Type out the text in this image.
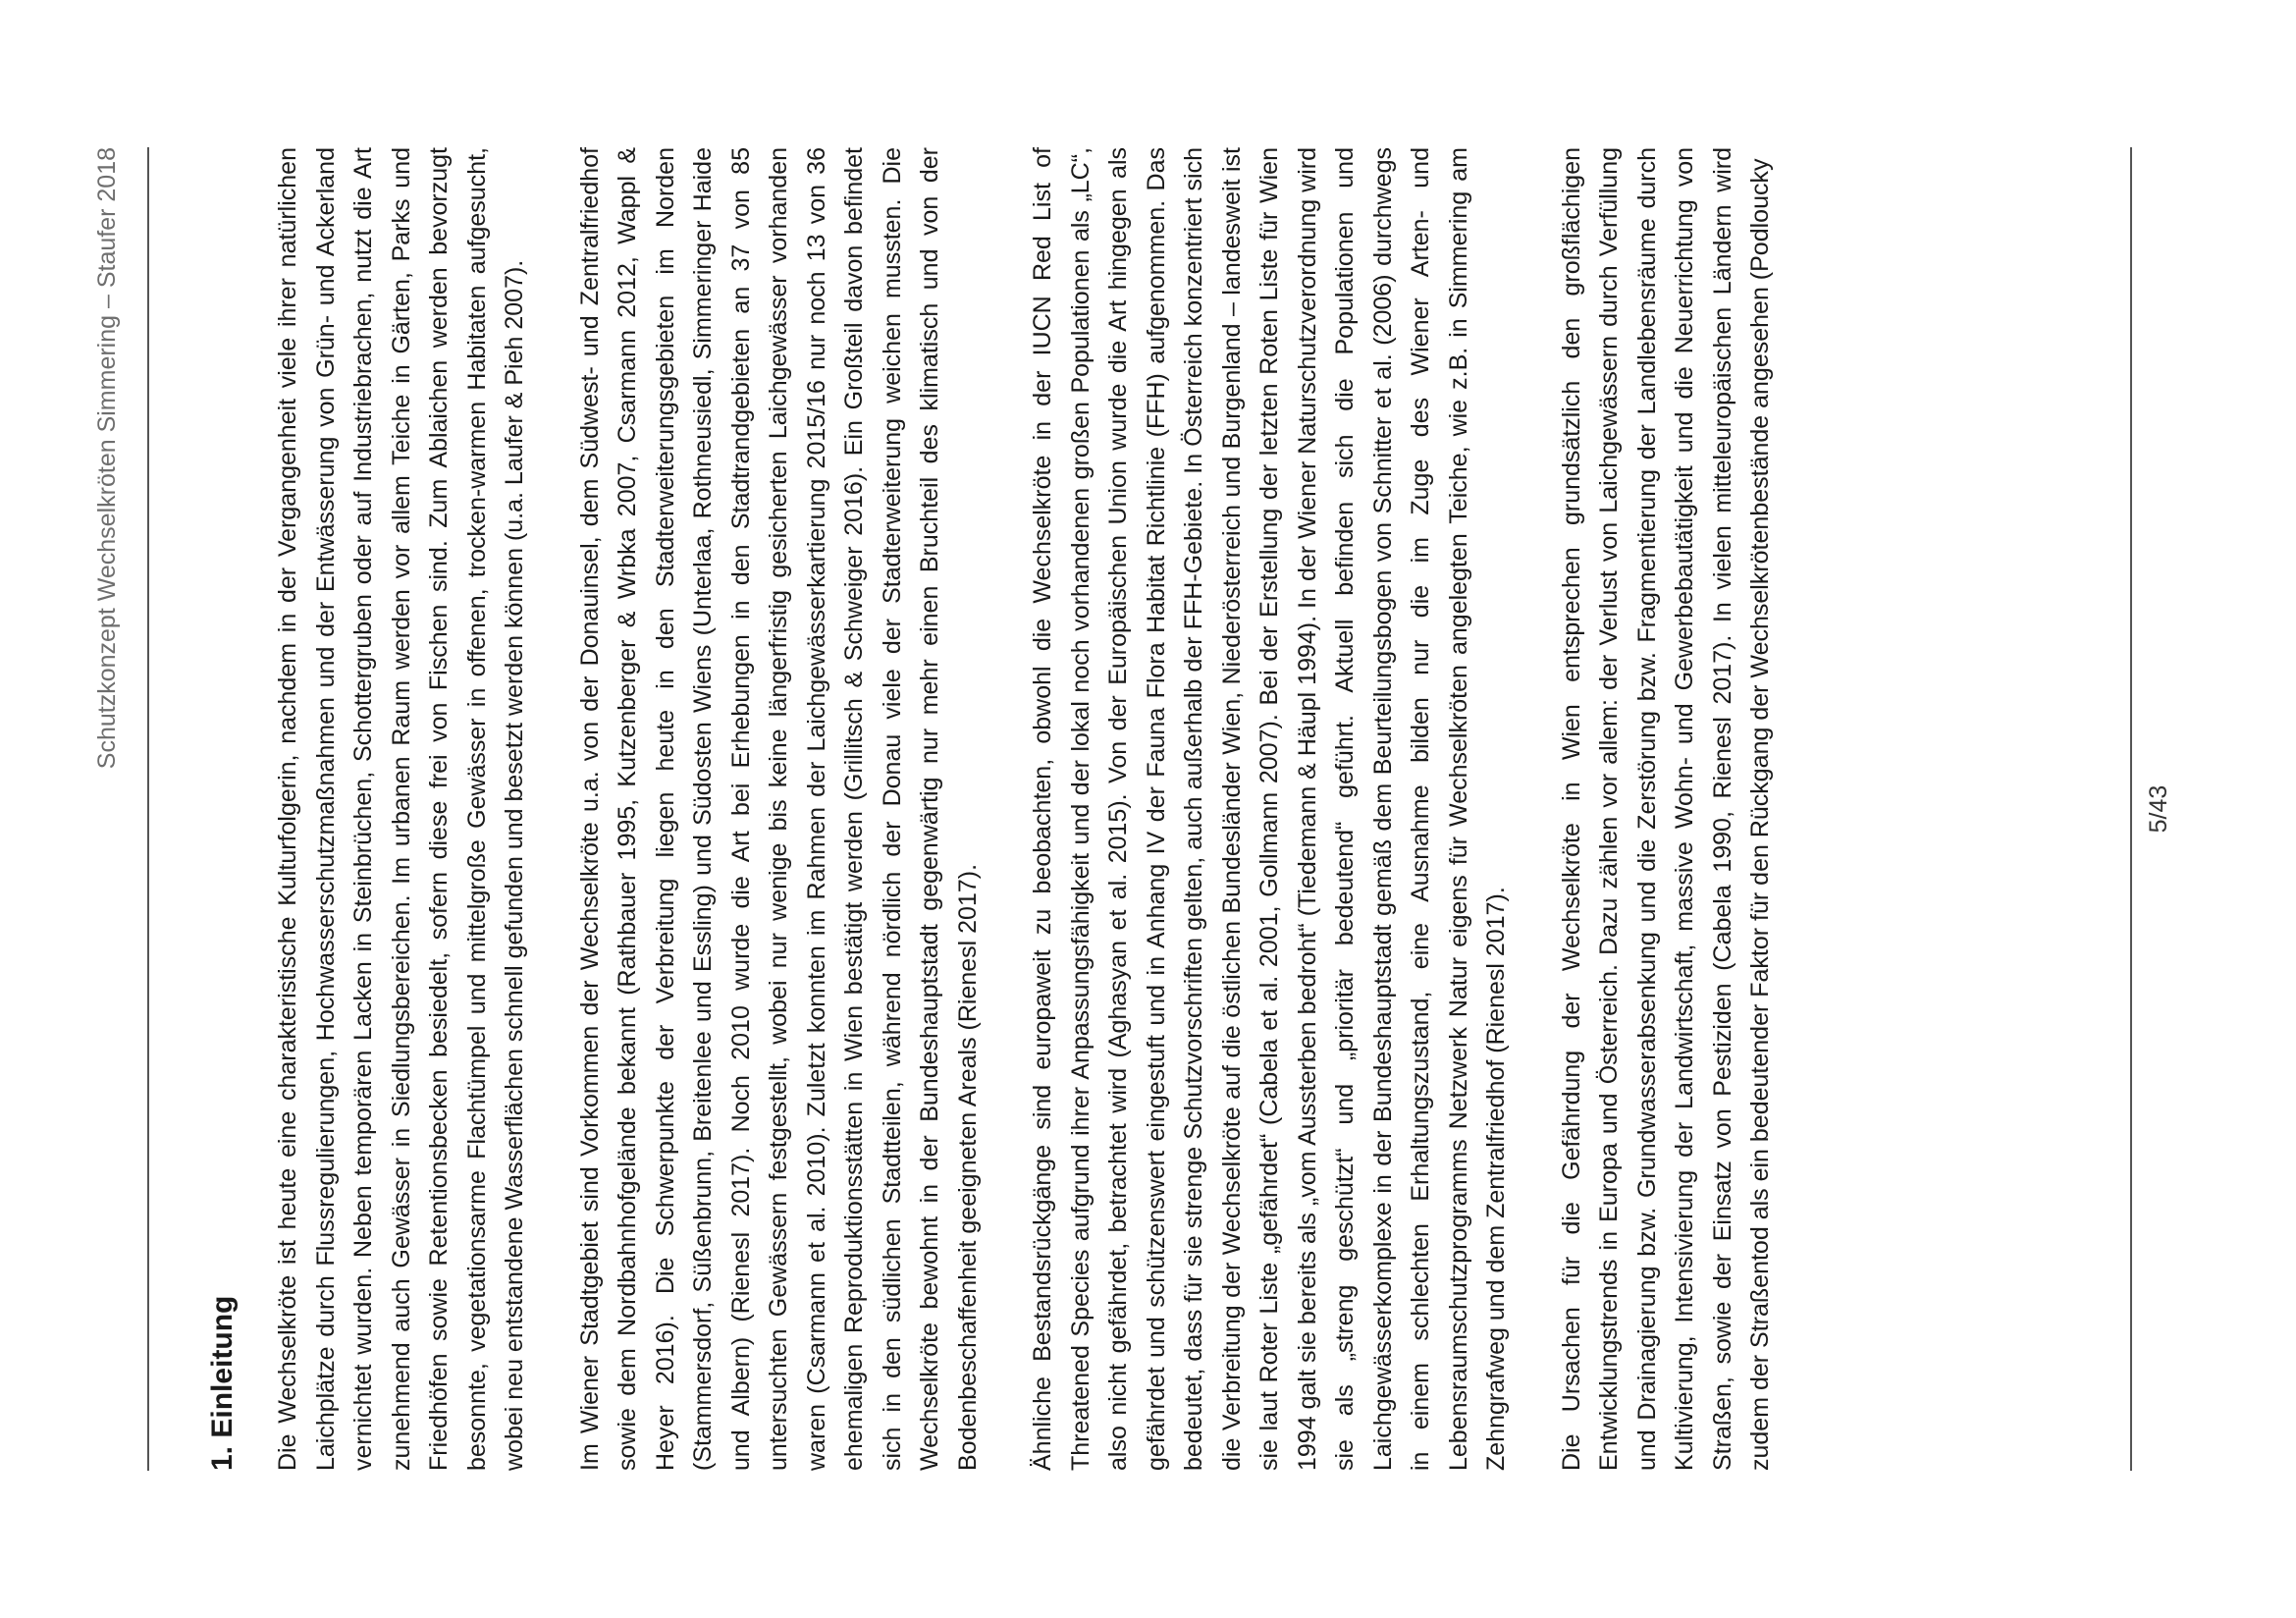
Schutzkonzept Wechselkröten Simmering – Staufer 2018
1. Einleitung Die Wechselkröte ist heute eine charakteristische Kulturfolgerin, nachdem in der Vergangenheit viele ihrer natürlichen Laichplätze durch Flussregulierungen, Hochwasserschutzmaßnahmen und der Entwässerung von Grün- und Ackerland vernichtet wurden. Neben temporären Lacken in Steinbrüchen, Schottergruben oder auf Industriebrachen, nutzt die Art zunehmend auch Gewässer in Siedlungsbereichen. Im urbanen Raum werden vor allem Teiche in Gärten, Parks und Friedhöfen sowie Retentionsbecken besiedelt, sofern diese frei von Fischen sind. Zum Ablaichen werden bevorzugt besonnte, vegetationsarme Flachtümpel und mittelgroße Gewässer in offenen, trocken-warmen Habitaten aufgesucht, wobei neu entstandene Wasserflächen schnell gefunden und besetzt werden können (u.a. Laufer & Pieh 2007). Im Wiener Stadtgebiet sind Vorkommen der Wechselkröte u.a. von der Donauinsel, dem Südwest- und Zentralfriedhof sowie dem Nordbahnhofgelände bekannt (Rathbauer 1995, Kutzenberger & Wrbka 2007, Csarmann 2012, Wappl & Heyer 2016). Die Schwerpunkte der Verbreitung liegen heute in den Stadterweiterungsgebieten im Norden (Stammersdorf, Süßenbrunn, Breitenlee und Essling) und Südosten Wiens (Unterlaa, Rothneusiedl, Simmeringer Haide und Albern) (Rienesl 2017). Noch 2010 wurde die Art bei Erhebungen in den Stadtrandgebieten an 37 von 85 untersuchten Gewässern festgestellt, wobei nur wenige bis keine längerfristig gesicherten Laichgewässer vorhanden waren (Csarmann et al. 2010). Zuletzt konnten im Rahmen der Laichgewässerkartierung 2015/16 nur noch 13 von 36 ehemaligen Reproduktionsstätten in Wien bestätigt werden (Grillitsch & Schweiger 2016). Ein Großteil davon befindet sich in den südlichen Stadtteilen, während nördlich der Donau viele der Stadterweiterung weichen mussten. Die Wechselkröte bewohnt in der Bundeshauptstadt gegenwärtig nur mehr einen Bruchteil des klimatisch und von der Bodenbeschaffenheit geeigneten Areals (Rienesl 2017). Ähnliche Bestandsrückgänge sind europaweit zu beobachten, obwohl die Wechselkröte in der IUCN Red List of Threatened Species aufgrund ihrer Anpassungsfähigkeit und der lokal noch vorhandenen großen Populationen als „LC“, also nicht gefährdet, betrachtet wird (Aghasyan et al. 2015). Von der Europäischen Union wurde die Art hingegen als gefährdet und schützenswert eingestuft und in Anhang IV der Fauna Flora Habitat Richtlinie (FFH) aufgenommen. Das bedeutet, dass für sie strenge Schutzvorschriften gelten, auch außerhalb der FFH-Gebiete. In Österreich konzentriert sich die Verbreitung der Wechselkröte auf die östlichen Bundesländer Wien, Niederösterreich und Burgenland – landesweit ist sie laut Roter Liste „gefährdet“ (Cabela et al. 2001, Gollmann 2007). Bei der Erstellung der letzten Roten Liste für Wien 1994 galt sie bereits als „vom Aussterben bedroht“ (Tiedemann & Häupl 1994). In der Wiener Naturschutzverordnung wird sie als „streng geschützt“ und „prioritär bedeutend“ geführt. Aktuell befinden sich die Populationen und Laichgewässerkomplexe in der Bundeshauptstadt gemäß dem Beurteilungsbogen von Schnitter et al. (2006) durchwegs in einem schlechten Erhaltungszustand, eine Ausnahme bilden nur die im Zuge des Wiener Arten- und Lebensraumschutzprogramms Netzwerk Natur eigens für Wechselkröten angelegten Teiche, wie z.B. in Simmering am Zehngrafweg und dem Zentralfriedhof (Rienesl 2017). Die Ursachen für die Gefährdung der Wechselkröte in Wien entsprechen grundsätzlich den großflächigen Entwicklungstrends in Europa und Österreich. Dazu zählen vor allem: der Verlust von Laichgewässern durch Verfüllung und Drainagierung bzw. Grundwasserabsenkung und die Zerstörung bzw. Fragmentierung der Landlebensräume durch Kultivierung, Intensivierung der Landwirtschaft, massive Wohn- und Gewerbebautätigkeit und die Neuerrichtung von Straßen, sowie der Einsatz von Pestiziden (Cabela 1990, Rienesl 2017). In vielen mitteleuropäischen Ländern wird zudem der Straßentod als ein bedeutender Faktor für den Rückgang der Wechselkrötenbestände angesehen (Podloucky	5/43
